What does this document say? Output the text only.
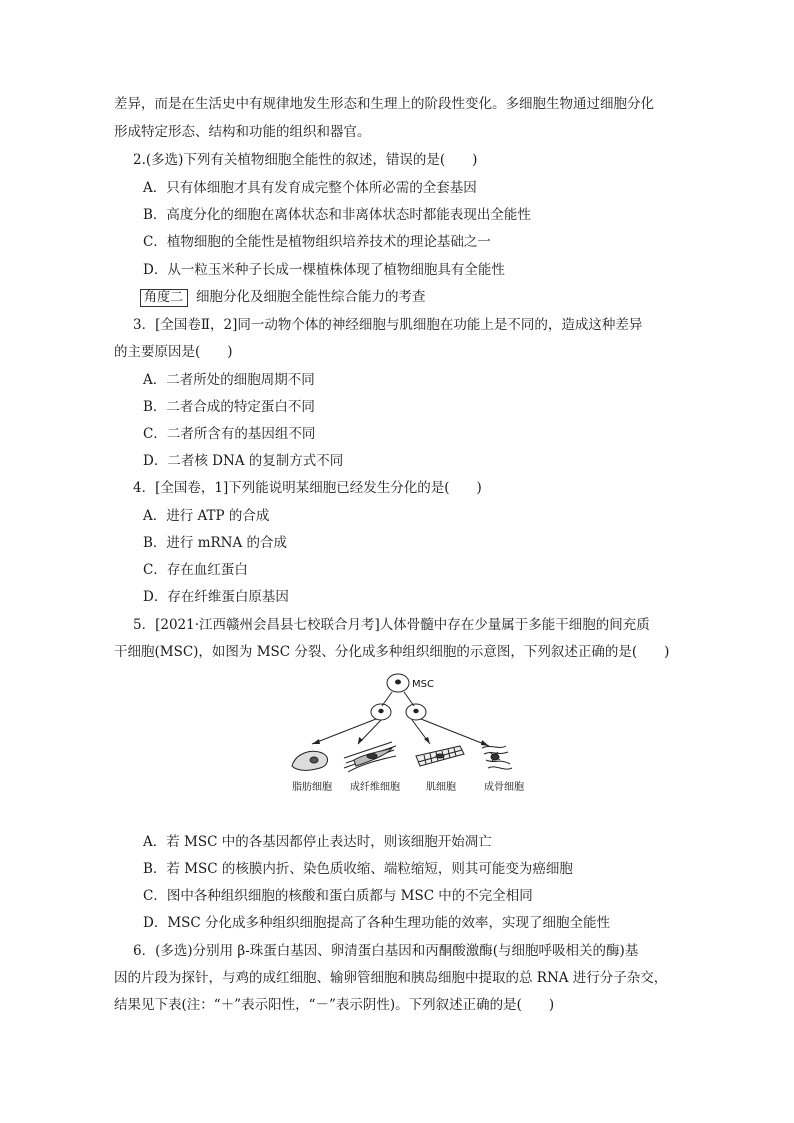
差异，而是在生活史中有规律地发生形态和生理上的阶段性变化。多细胞生物通过细胞分化
形成特定形态、结构和功能的组织和器官。
2.(多选)下列有关植物细胞全能性的叙述，错误的是(　　)
A．只有体细胞才具有发育成完整个体所必需的全套基因
B．高度分化的细胞在离体状态和非离体状态时都能表现出全能性
C．植物细胞的全能性是植物组织培养技术的理论基础之一
D．从一粒玉米种子长成一棵植株体现了植物细胞具有全能性
角度二 细胞分化及细胞全能性综合能力的考查
3．[全国卷Ⅱ，2]同一动物个体的神经细胞与肌细胞在功能上是不同的，造成这种差异
的主要原因是(　　)
A．二者所处的细胞周期不同
B．二者合成的特定蛋白不同
C．二者所含有的基因组不同
D．二者核 DNA 的复制方式不同
4．[全国卷，1]下列能说明某细胞已经发生分化的是(　　)
A．进行 ATP 的合成
B．进行 mRNA 的合成
C．存在血红蛋白
D．存在纤维蛋白原基因
5．[2021·江西赣州会昌县七校联合月考]人体骨髓中存在少量属于多能干细胞的间充质
干细胞(MSC)，如图为 MSC 分裂、分化成多种组织细胞的示意图，下列叙述正确的是(　　)
MSC
脂肪细胞 成纤维细胞	肌细胞	成骨细胞
A．若 MSC 中的各基因都停止表达时，则该细胞开始凋亡
B．若 MSC 的核膜内折、染色质收缩、端粒缩短，则其可能变为癌细胞
C．图中各种组织细胞的核酸和蛋白质都与 MSC 中的不完全相同
D．MSC 分化成多种组织细胞提高了各种生理功能的效率，实现了细胞全能性
6．(多选)分别用 β-珠蛋白基因、卵清蛋白基因和丙酮酸激酶(与细胞呼吸相关的酶)基
因的片段为探针，与鸡的成红细胞、输卵管细胞和胰岛细胞中提取的总 RNA 进行分子杂交，
结果见下表(注：“＋”表示阳性，“－”表示阴性)。下列叙述正确的是(　　)
